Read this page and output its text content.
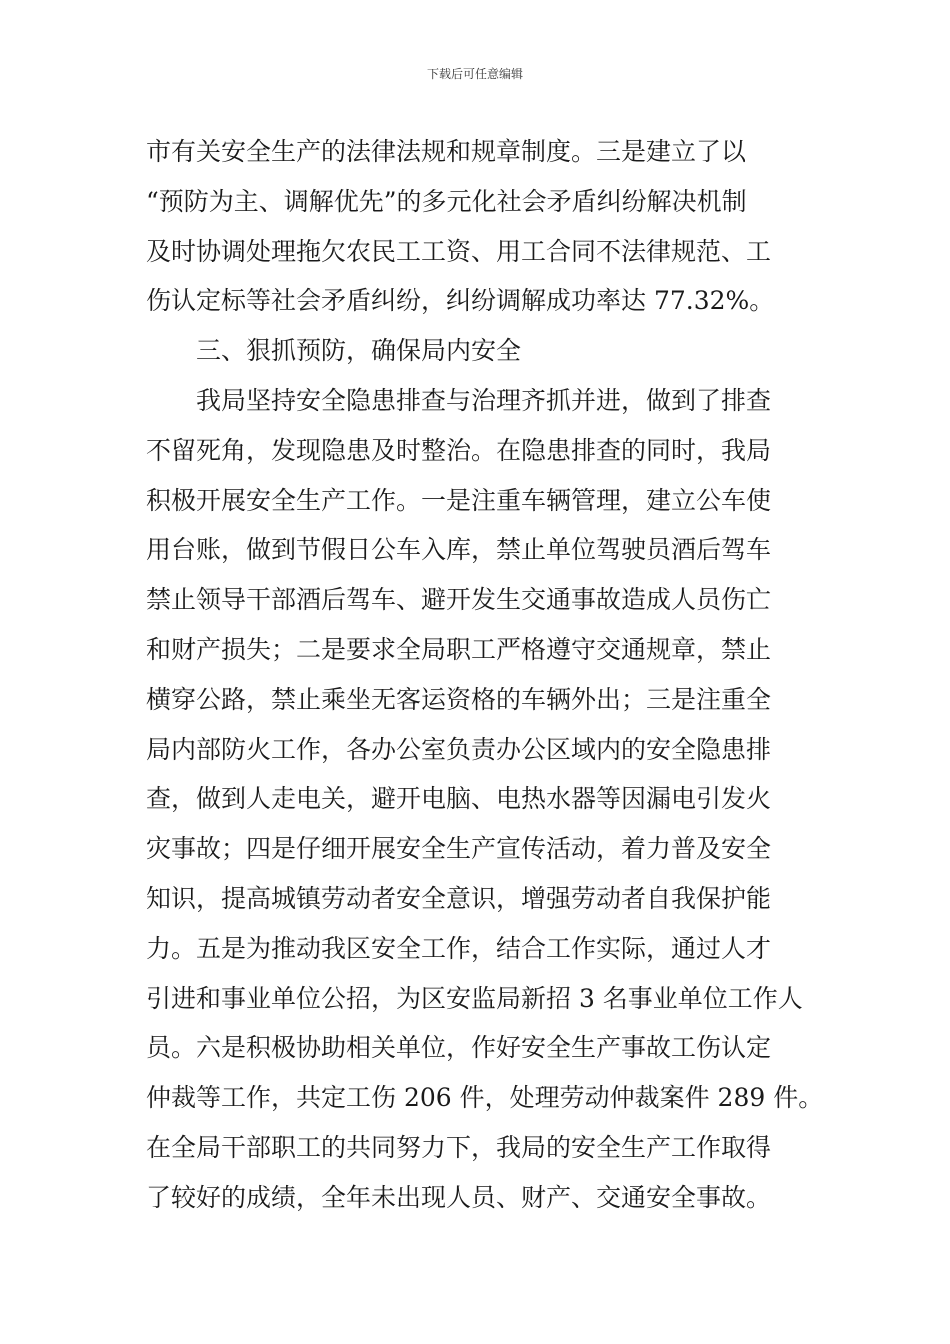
下载后可任意编辑
市有关安全生产的法律法规和规章制度。三是建立了以
“预防为主、调解优先”的多元化社会矛盾纠纷解决机制
及时协调处理拖欠农民工工资、用工合同不法律规范、工
伤认定标等社会矛盾纠纷，纠纷调解成功率达 77.32%。
三、狠抓预防，确保局内安全
我局坚持安全隐患排查与治理齐抓并进，做到了排查
不留死角，发现隐患及时整治。在隐患排查的同时，我局
积极开展安全生产工作。一是注重车辆管理，建立公车使
用台账，做到节假日公车入库，禁止单位驾驶员酒后驾车
禁止领导干部酒后驾车、避开发生交通事故造成人员伤亡
和财产损失；二是要求全局职工严格遵守交通规章，禁止
横穿公路，禁止乘坐无客运资格的车辆外出；三是注重全
局内部防火工作，各办公室负责办公区域内的安全隐患排
查，做到人走电关，避开电脑、电热水器等因漏电引发火
灾事故；四是仔细开展安全生产宣传活动，着力普及安全
知识，提高城镇劳动者安全意识，增强劳动者自我保护能
力。五是为推动我区安全工作，结合工作实际，通过人才
引进和事业单位公招，为区安监局新招 3 名事业单位工作人
员。六是积极协助相关单位，作好安全生产事故工伤认定
仲裁等工作，共定工伤 206 件，处理劳动仲裁案件 289 件。
在全局干部职工的共同努力下，我局的安全生产工作取得
了较好的成绩，全年未出现人员、财产、交通安全事故。
